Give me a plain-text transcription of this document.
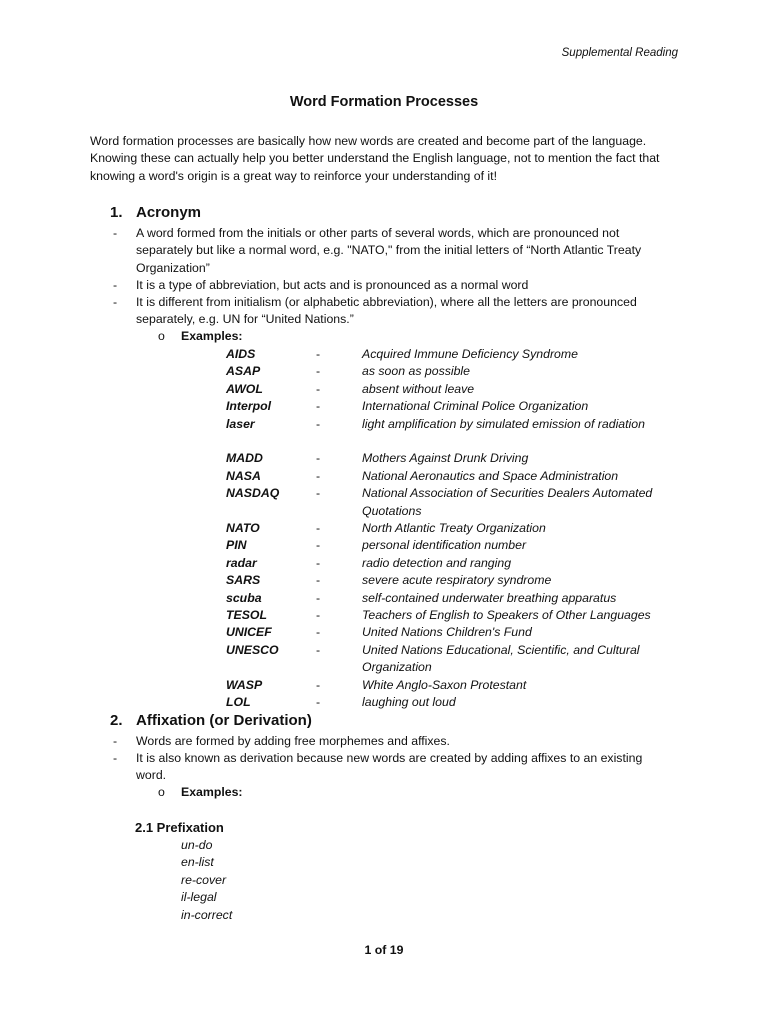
Supplemental Reading
Word Formation Processes
Word formation processes are basically how new words are created and become part of the language. Knowing these can actually help you better understand the English language, not to mention the fact that knowing a word's origin is a great way to reinforce your understanding of it!
1. Acronym
- A word formed from the initials or other parts of several words, which are pronounced not separately but like a normal word, e.g. "NATO," from the initial letters of “North Atlantic Treaty Organization”
- It is a type of abbreviation, but acts and is pronounced as a normal word
- It is different from initialism (or alphabetic abbreviation), where all the letters are pronounced separately, e.g. UN for “United Nations.”
o Examples:
AIDS	-	Acquired Immune Deficiency Syndrome
ASAP	-	as soon as possible
AWOL	-	absent without leave
Interpol	-	International Criminal Police Organization
laser	-	light amplification by simulated emission of radiation
MADD	-	Mothers Against Drunk Driving
NASA	-	National Aeronautics and Space Administration
NASDAQ	-	National Association of Securities Dealers Automated Quotations
NATO	-	North Atlantic Treaty Organization
PIN	-	personal identification number
radar	-	radio detection and ranging
SARS	-	severe acute respiratory syndrome
scuba	-	self-contained underwater breathing apparatus
TESOL	-	Teachers of English to Speakers of Other Languages
UNICEF	-	United Nations Children's Fund
UNESCO	-	United Nations Educational, Scientific, and Cultural Organization
WASP	-	White Anglo-Saxon Protestant
LOL	-	laughing out loud
2. Affixation (or Derivation)
- Words are formed by adding free morphemes and affixes.
- It is also known as derivation because new words are created by adding affixes to an existing word.
o Examples:
2.1 Prefixation
un-do
en-list
re-cover
il-legal
in-correct
1 of 19
